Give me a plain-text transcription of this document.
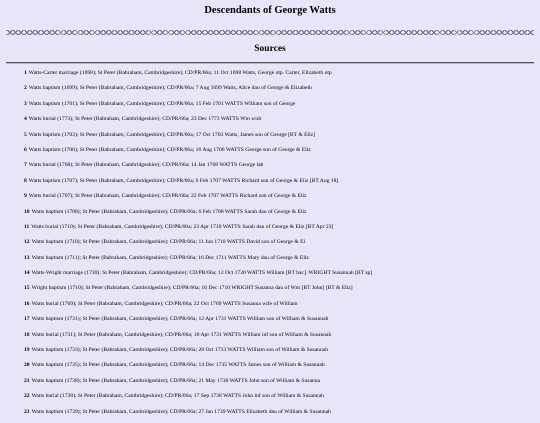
Descendants of George Watts
Sources
1 Watts-Carter marriage (1698); St Peter (Babraham, Cambridgeshire); CD/PR/66a; 11 Oct 1698 Watts, George otp. Carter, Elizabeth otp
2 Watts baptism (1699); St Peter (Babraham, Cambridgeshire); CD/PR/66a; 7 Aug 1699 Watts, Alice dau of George & Elizabeth
3 Watts baptism (1701); St Peter (Babraham, Cambridgeshire); CD/PR/66a; 15 Feb 1701 WATTS William son of George
4 Watts burial (1773); St Peter (Babraham, Cambridgeshire); CD/PR/66a; 23 Dec 1773 WATTS Wm widr
5 Watts baptism (1703); St Peter (Babraham, Cambridgeshire); CD/PR/66a; 17 Oct 1703 Watts, James son of George [BT & Eliz]
6 Watts baptism (1706); St Peter (Babraham, Cambridgeshire); CD/PR/66a; 16 Aug 1706 WATTS George son of George & Eliz
7 Watts burial (1768); St Peter (Babraham, Cambridgeshire); CD/PR/66a; 14 Jan 1768 WATTS George lab
8 Watts baptism (1707); St Peter (Babraham, Cambridgeshire); CD/PR/66a; 6 Feb 1707 WATTS Richard son of George & Eliz [BT Aug 18]
9 Watts burial (1707); St Peter (Babraham, Cambridgeshire); CD/PR/66a; 22 Feb 1707 WATTS Richard son of George & Eliz
10 Watts baptism (1708); St Peter (Babraham, Cambridgeshire); CD/PR/66a; 6 Feb 1708 WATTS Sarah dau of George & Eliz
11 Watts burial (1710); St Peter (Babraham, Cambridgeshire); CD/PR/66a; 23 Apr 1710 WATTS Sarah dau of George & Eliz [BT Apr 23]
12 Watts baptism (1710); St Peter (Babraham, Cambridgeshire); CD/PR/66a; 11 Jun 1710 WATTS David son of George & El
13 Watts baptism (1711); St Peter (Babraham, Cambridgeshire); CD/PR/66a; 16 Dec 1711 WATTS Mary dau of George & Eliz
14 Watts-Wright marriage (1730); St Peter (Babraham, Cambridgeshire); CD/PR/66a; 12 Oct 1730 WATTS William [BT bac]. WRIGHT Susannah [BT sp]
15 Wright baptism (1710); St Peter (Babraham, Cambridgeshire); CD/PR/66a; 16 Dec 1710 WRIGHT Susanna dau of Wm [BT John] [BT & Eliz]
16 Watts burial (1769); St Peter (Babraham, Cambridgeshire); CD/PR/66a; 22 Oct 1769 WATTS Susanna wife of William
17 Watts baptism (1731); St Peter (Babraham, Cambridgeshire); CD/PR/66a; 12 Apr 1731 WATTS William son of William & Susannah
18 Watts burial (1731); St Peter (Babraham, Cambridgeshire); CD/PR/66a; 18 Apr 1731 WATTS William inf son of William & Susannah
19 Watts baptism (1733); St Peter (Babraham, Cambridgeshire); CD/PR/66a; 28 Oct 1733 WATTS William son of William & Susannah
20 Watts baptism (1735); St Peter (Babraham, Cambridgeshire); CD/PR/66a; 14 Dec 1735 WATTS James son of William & Susannah
21 Watts baptism (1738); St Peter (Babraham, Cambridgeshire); CD/PR/66a; 21 May 1738 WATTS John son of William & Susanna
22 Watts burial (1738); St Peter (Babraham, Cambridgeshire); CD/PR/66a; 17 Sep 1738 WATTS John inf son of William & Susannah
23 Watts baptism (1739); St Peter (Babraham, Cambridgeshire); CD/PR/66a; 27 Jan 1739 WATTS Elizabeth dau of William & Susannah
